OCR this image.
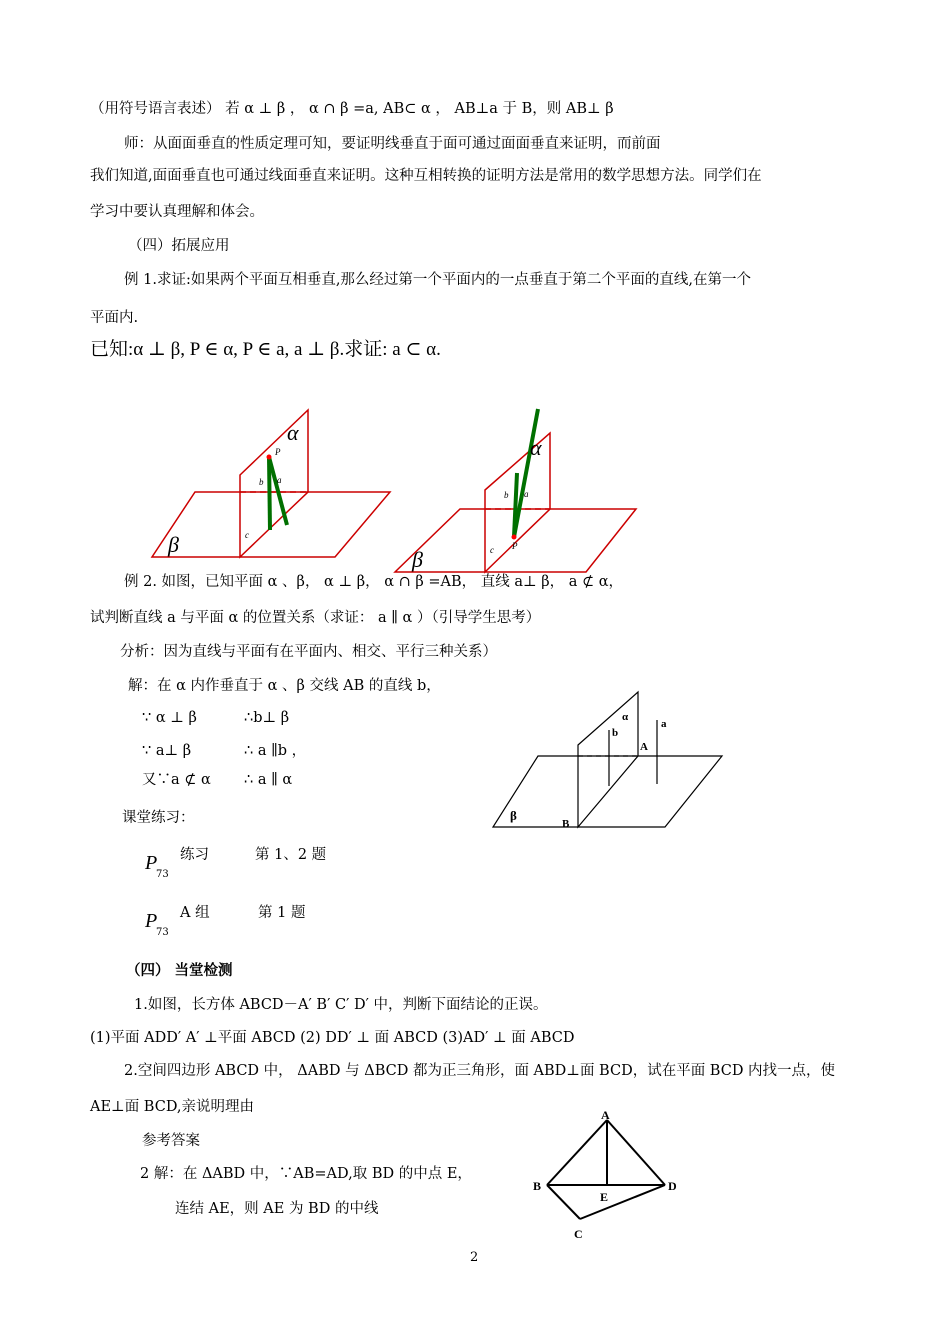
（用符号语言表述） 若 α ⊥ β ， α ∩ β =a, AB⊂ α ， AB⊥a 于 B，则 AB⊥ β
师：从面面垂直的性质定理可知，要证明线垂直于面可通过面面垂直来证明，而前面
我们知道,面面垂直也可通过线面垂直来证明。这种互相转换的证明方法是常用的数学思想方法。同学们在
学习中要认真理解和体会。
（四）拓展应用
例 1.求证:如果两个平面互相垂直,那么经过第一个平面内的一点垂直于第二个平面的直线,在第一个
平面内.
已知:α ⊥ β, P ∈ α, P ∈ a, a ⊥ β.求证: a ⊂ α.
α
β
P
b a
c
α
β
P
b a
c
例 2. 如图，已知平面 α 、β， α ⊥ β， α ∩ β =AB， 直线 a⊥ β， a ⊄ α，
试判断直线 a 与平面 α 的位置关系（求证： a ∥ α ）（引导学生思考）
分析：因为直线与平面有在平面内、相交、平行三种关系）
解：在 α 内作垂直于 α 、β 交线 AB 的直线 b，
∵ α ⊥ β	∴b⊥ β
∵ a⊥ β	∴ a ∥b ，
又∵a ⊄ α ∴ a ∥ α
α
b
a
A
β
B
课堂练习：
P
73
练习	第 1、2 题
P
73
A 组	第 1 题
（四） 当堂检测
1.如图，长方体 ABCD－A′ B′ C′ D′ 中，判断下面结论的正误。
(1)平面 ADD′ A′ ⊥平面 ABCD (2) DD′ ⊥ 面 ABCD (3)AD′ ⊥ 面 ABCD
2.空间四边形 ABCD 中， ΔABD 与 ΔBCD 都为正三角形，面 ABD⊥面 BCD，试在平面 BCD 内找一点，使
AE⊥面 BCD,亲说明理由
参考答案
2 解：在 ΔABD 中，∵AB=AD,取 BD 的中点 E，
连结 AE，则 AE 为 BD 的中线
A
B
E
D
C
2
